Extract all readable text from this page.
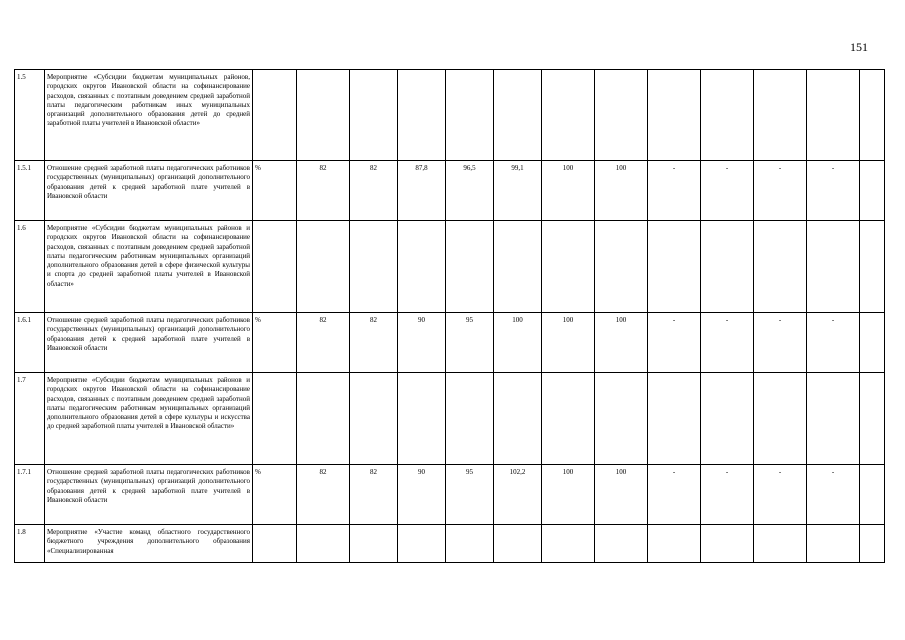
151
1.5	Мероприятие «Субсидии бюджетам муниципальных районов, городских округов Ивановской области на софинансирование расходов, связанных с поэтапным доведением средней заработной платы педагогическим работникам иных муниципальных организаций дополнительного образования детей до средней заработной платы учителей в Ивановской области»													
1.5.1	Отношение средней заработной платы педагогических работников государственных (муниципальных) организаций дополнительного образования детей к средней заработной плате учителей в Ивановской области	%	82	82	87,8	96,5	99,1	100	100	-	-	-	-	
1.6	Мероприятие «Субсидии бюджетам муниципальных районов и городских округов Ивановской области на софинансирование расходов, связанных с поэтапным доведением средней заработной платы педагогическим работникам муниципальных организаций дополнительного образования детей в сфере физической культуры и спорта до средней заработной платы учителей в Ивановской области»													
1.6.1	Отношение средней заработной платы педагогических работников государственных (муниципальных) организаций дополнительного образования детей к средней заработной плате учителей в Ивановской области	%	82	82	90	95	100	100	100	-	-	-	-	
1.7	Мероприятие «Субсидии бюджетам муниципальных районов и городских округов Ивановской области на софинансирование расходов, связанных с поэтапным доведением средней заработной платы педагогическим работникам муниципальных организаций дополнительного образования детей в сфере культуры и искусства до средней заработной платы учителей в Ивановской области»													
1.7.1	Отношение средней заработной платы педагогических работников государственных (муниципальных) организаций дополнительного образования детей к средней заработной плате учителей в Ивановской области	%	82	82	90	95	102,2	100	100	-	-	-	-	
1.8	Мероприятие «Участие команд областного государственного бюджетного учреждения дополнительного образования «Специализированная													
